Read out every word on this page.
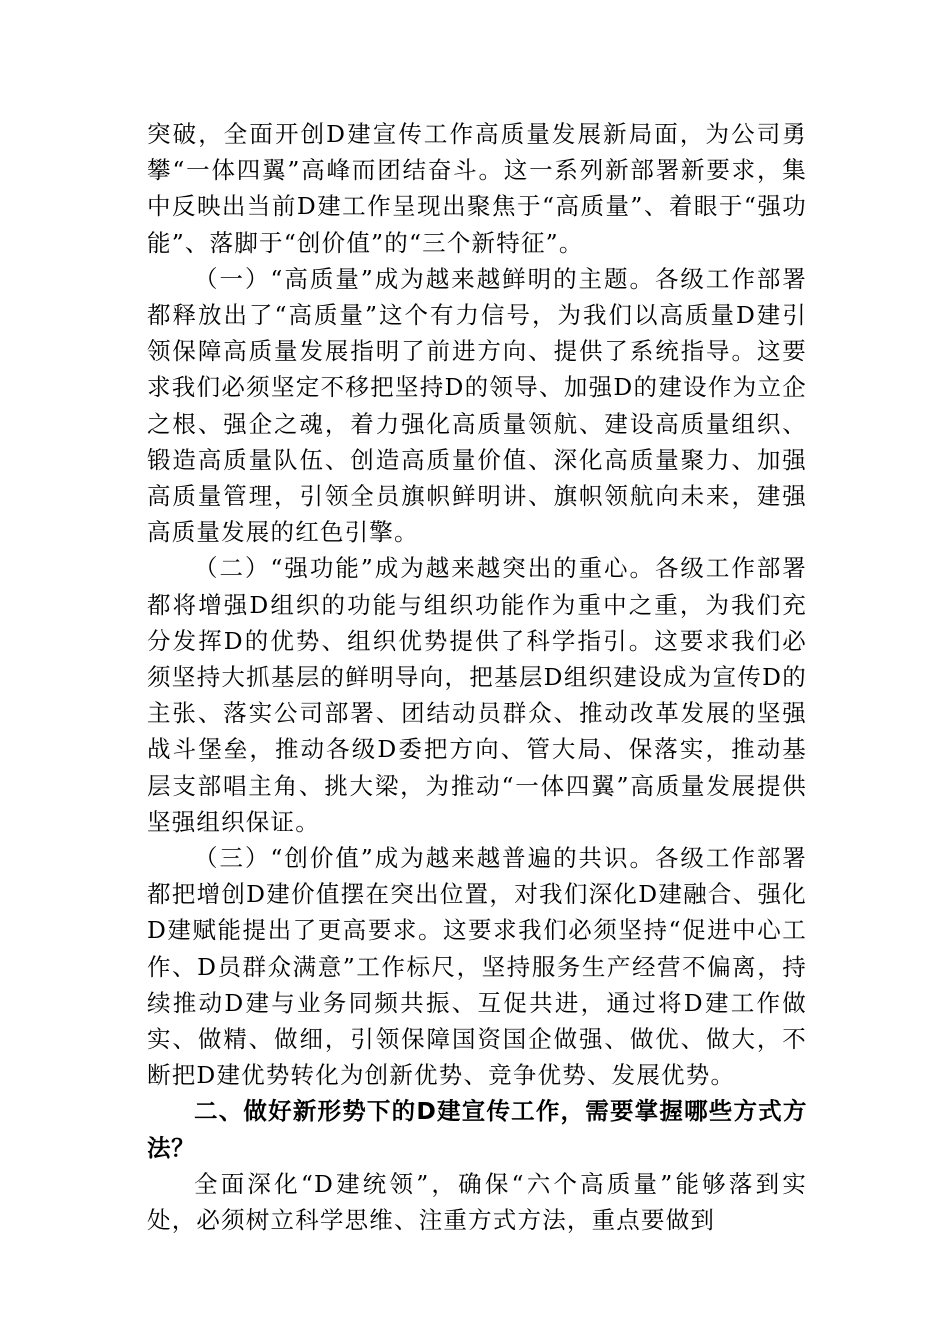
突破，全面开创D建宣传工作高质量发展新局面，为公司勇攀“一体四翼”高峰而团结奋斗。这一系列新部署新要求，集中反映出当前D建工作呈现出聚焦于“高质量”、着眼于“强功能”、落脚于“创价值”的“三个新特征”。

（一）“高质量”成为越来越鲜明的主题。各级工作部署都释放出了“高质量”这个有力信号，为我们以高质量D建引领保障高质量发展指明了前进方向、提供了系统指导。这要求我们必须坚定不移把坚持D的领导、加强D的建设作为立企之根、强企之魂，着力强化高质量领航、建设高质量组织、锻造高质量队伍、创造高质量价值、深化高质量聚力、加强高质量管理，引领全员旗帜鲜明讲、旗帜领航向未来，建强高质量发展的红色引擎。

（二）“强功能”成为越来越突出的重心。各级工作部署都将增强D组织的功能与组织功能作为重中之重，为我们充分发挥D的优势、组织优势提供了科学指引。这要求我们必须坚持大抓基层的鲜明导向，把基层D组织建设成为宣传D的主张、落实公司部署、团结动员群众、推动改革发展的坚强战斗堡垒，推动各级D委把方向、管大局、保落实，推动基层支部唱主角、挑大梁，为推动“一体四翼”高质量发展提供坚强组织保证。

（三）“创价值”成为越来越普遍的共识。各级工作部署都把增创D建价值摆在突出位置，对我们深化D建融合、强化D建赋能提出了更高要求。这要求我们必须坚持“促进中心工作、D员群众满意”工作标尺，坚持服务生产经营不偏离，持续推动D建与业务同频共振、互促共进，通过将D建工作做实、做精、做细，引领保障国资国企做强、做优、做大，不断把D建优势转化为创新优势、竞争优势、发展优势。

二、做好新形势下的D建宣传工作，需要掌握哪些方式方法？

全面深化“D建统领”，确保“六个高质量”能够落到实处，必须树立科学思维、注重方式方法，重点要做到
